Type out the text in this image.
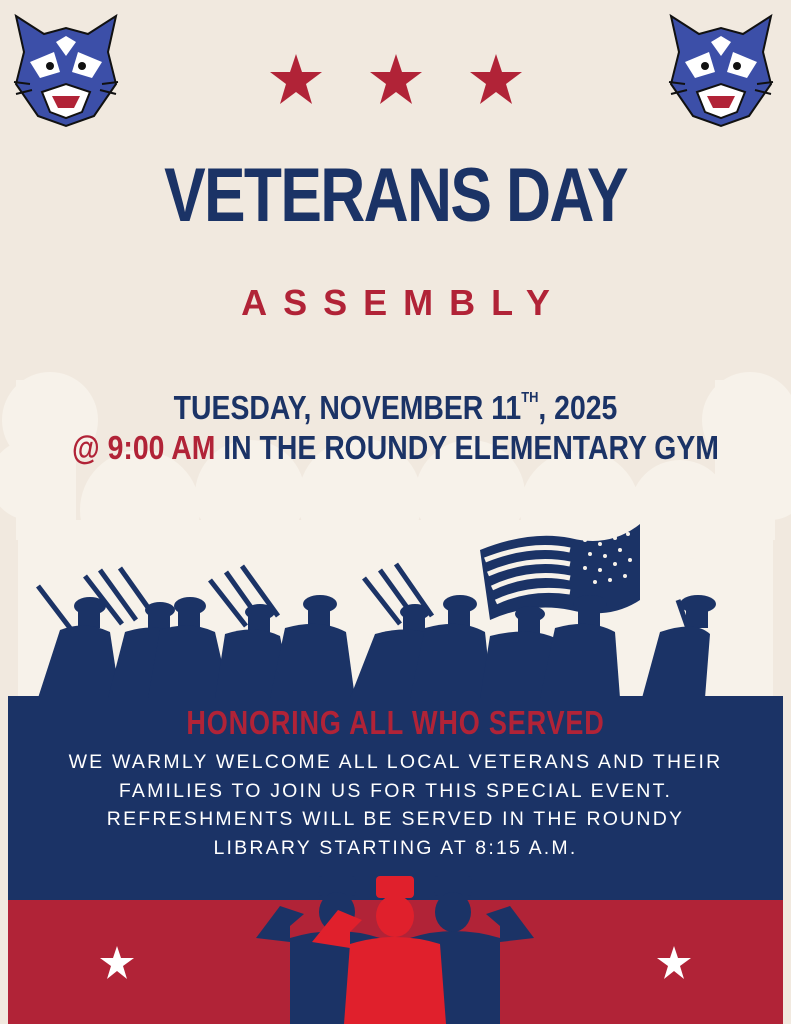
VETERANS DAY
ASSEMBLY
TUESDAY, NOVEMBER 11TH, 2025
@ 9:00 AM IN THE ROUNDY ELEMENTARY GYM
HONORING ALL WHO SERVED
WE WARMLY WELCOME ALL LOCAL VETERANS AND THEIR FAMILIES TO JOIN US FOR THIS SPECIAL EVENT. REFRESHMENTS WILL BE SERVED IN THE ROUNDY LIBRARY STARTING AT 8:15 A.M.
